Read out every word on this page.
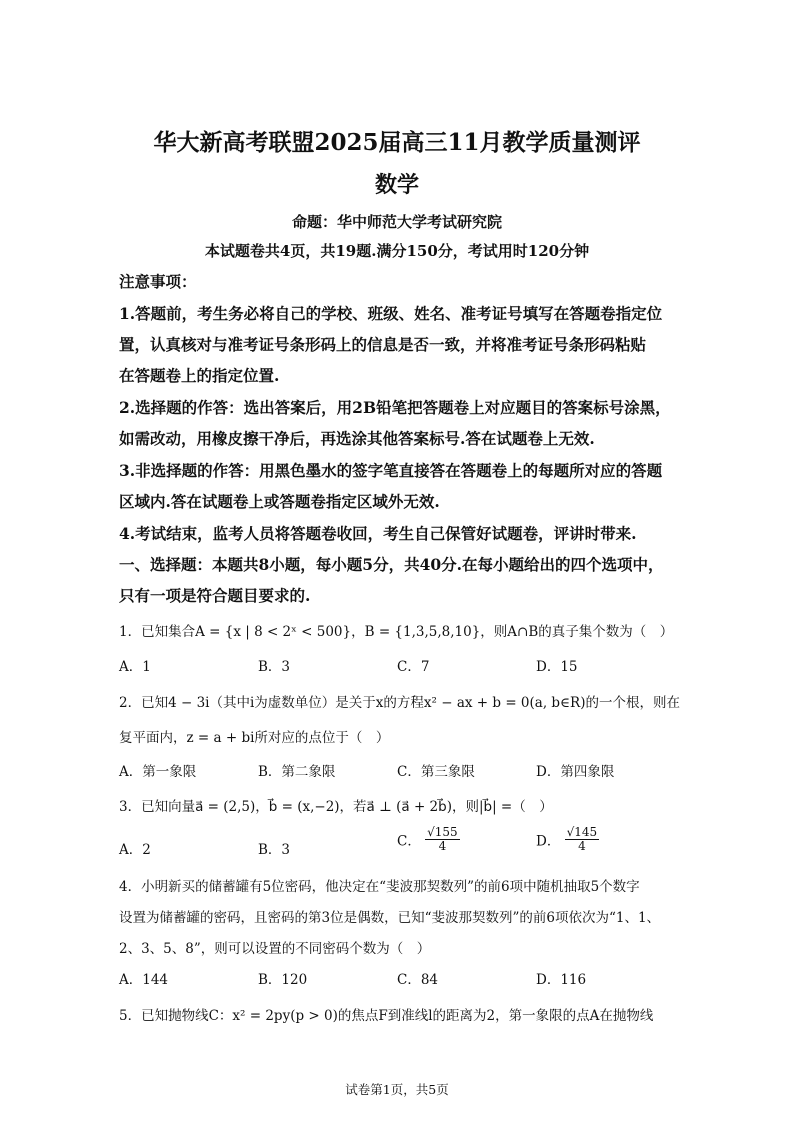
华大新高考联盟2025届高三11月教学质量测评
数学
命题：华中师范大学考试研究院
本试题卷共4页，共19题.满分150分，考试用时120分钟
注意事项：
1.答题前，考生务必将自己的学校、班级、姓名、准考证号填写在答题卷指定位
置，认真核对与准考证号条形码上的信息是否一致，并将准考证号条形码粘贴
在答题卷上的指定位置.
2.选择题的作答：选出答案后，用2B铅笔把答题卷上对应题目的答案标号涂黑，
如需改动，用橡皮擦干净后，再选涂其他答案标号.答在试题卷上无效.
3.非选择题的作答：用黑色墨水的签字笔直接答在答题卷上的每题所对应的答题
区域内.答在试题卷上或答题卷指定区域外无效.
4.考试结束，监考人员将答题卷收回，考生自己保管好试题卷，评讲时带来.
一、选择题：本题共8小题，每小题5分，共40分.在每小题给出的四个选项中，
只有一项是符合题目要求的.
1．已知集合A = {x | 8 < 2ˣ < 500}，B = {1,3,5,8,10}，则A∩B的真子集个数为（　）
A．1	B．3	C．7	D．15
2．已知4 − 3i（其中i为虚数单位）是关于x的方程x² − ax + b = 0(a, b∈R)的一个根，则在
复平面内，z = a + bi所对应的点位于（　）
A．第一象限	B．第二象限	C．第三象限	D．第四象限
3．已知向量a⃗ = (2,5)，b⃗ = (x,−2)，若a⃗ ⊥ (a⃗ + 2b⃗)，则|b⃗| =（　）
A．2	B．3
C． $\frac{√155}{4}$	D． $\frac{√145}{4}$
4．小明新买的储蓄罐有5位密码，他决定在“斐波那契数列”的前6项中随机抽取5个数字
设置为储蓄罐的密码，且密码的第3位是偶数，已知“斐波那契数列”的前6项依次为“1、1、
2、3、5、8”，则可以设置的不同密码个数为（　）
A．144	B．120	C．84	D．116
5．已知抛物线C：x² = 2py(p > 0)的焦点F到准线l的距离为2，第一象限的点A在抛物线
试卷第1页，共5页
